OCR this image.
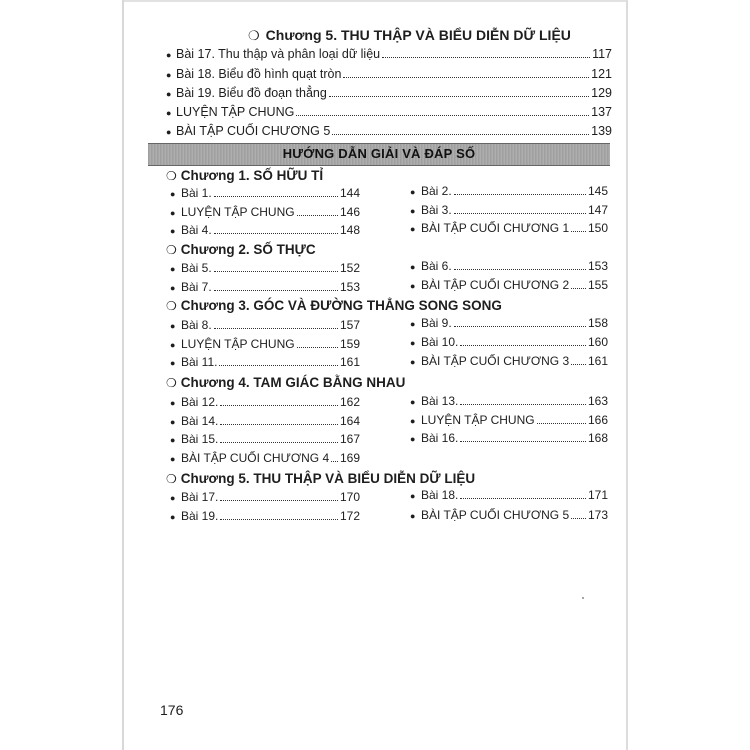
❍ Chương 5. THU THẬP VÀ BIỂU DIỄN DỮ LIỆU
● Bài 17. Thu thập và phân loại dữ liệu	117
● Bài 18. Biểu đồ hình quạt tròn	121
● Bài 19. Biểu đồ đoạn thẳng	129
● LUYỆN TẬP CHUNG	137
● BÀI TẬP CUỐI CHƯƠNG 5	139
HƯỚNG DẪN GIẢI VÀ ĐÁP SỐ
❍ Chương 1. SỐ HỮU TỈ
● Bài 1.	144
● LUYỆN TẬP CHUNG	146
● Bài 4.	148
● Bài 2.	145
● Bài 3.	147
● BÀI TẬP CUỐI CHƯƠNG 1 150
❍ Chương 2. SỐ THỰC
● Bài 5.	152
● Bài 7.	153
● Bài 6.	153
● BÀI TẬP CUỐI CHƯƠNG 2 155
❍ Chương 3. GÓC VÀ ĐƯỜNG THẲNG SONG SONG
● Bài 8.	157
● LUYỆN TẬP CHUNG	159
● Bài 11.	161
● Bài 9.	158
● Bài 10.	160
● BÀI TẬP CUỐI CHƯƠNG 3 161
❍ Chương 4. TAM GIÁC BẰNG NHAU
● Bài 12.	162
● Bài 14.	164
● Bài 15.	167
● BÀI TẬP CUỐI CHƯƠNG 4 169
● Bài 13.	163
● LUYỆN TẬP CHUNG	166
● Bài 16.	168
❍ Chương 5. THU THẬP VÀ BIỂU DIỄN DỮ LIỆU
● Bài 17.	170
● Bài 19.	172
● Bài 18.	171
● BÀI TẬP CUỐI CHƯƠNG 5 173
176
